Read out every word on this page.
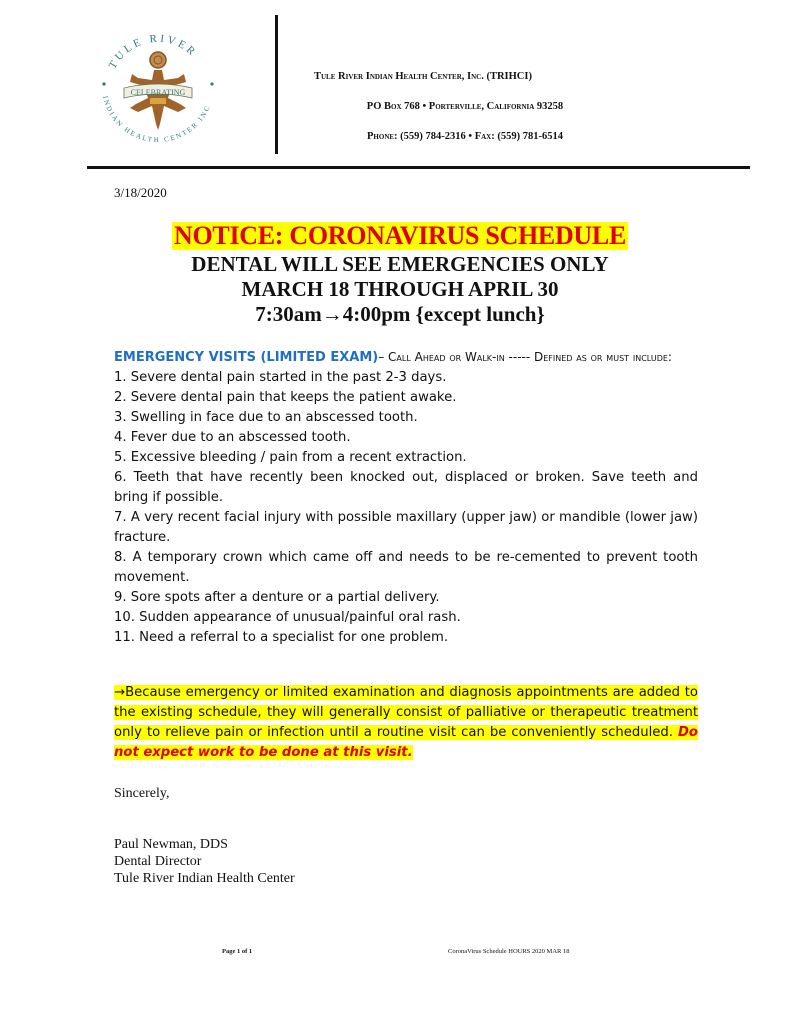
TULE RIVER
INDIAN HEALTH CENTER INC
CELEBRATING
Tule River Indian Health Center, Inc. (TRIHCI)
PO Box 768 • Porterville, California 93258
Phone: (559) 784-2316 • Fax: (559) 781-6514
3/18/2020
NOTICE: CORONAVIRUS SCHEDULE
DENTAL WILL SEE EMERGENCIES ONLY
MARCH 18 THROUGH APRIL 30
7:30am→4:00pm {except lunch}
EMERGENCY VISITS (LIMITED EXAM)– Call Ahead or Walk-in ----- Defined as or must include:
1. Severe dental pain started in the past 2-3 days.
2. Severe dental pain that keeps the patient awake.
3. Swelling in face due to an abscessed tooth.
4. Fever due to an abscessed tooth.
5. Excessive bleeding / pain from a recent extraction.
6. Teeth that have recently been knocked out, displaced or broken. Save teeth and bring if possible.
7. A very recent facial injury with possible maxillary (upper jaw) or mandible (lower jaw) fracture.
8. A temporary crown which came off and needs to be re-cemented to prevent tooth movement.
9. Sore spots after a denture or a partial delivery.
10. Sudden appearance of unusual/painful oral rash.
11. Need a referral to a specialist for one problem.
→Because emergency or limited examination and diagnosis appointments are added to the existing schedule, they will generally consist of palliative or therapeutic treatment only to relieve pain or infection until a routine visit can be conveniently scheduled. Do not expect work to be done at this visit.
Sincerely,
Paul Newman, DDS
Dental Director
Tule River Indian Health Center
Page 1 of 1	CoronaVirus Schedule HOURS 2020 MAR 18
